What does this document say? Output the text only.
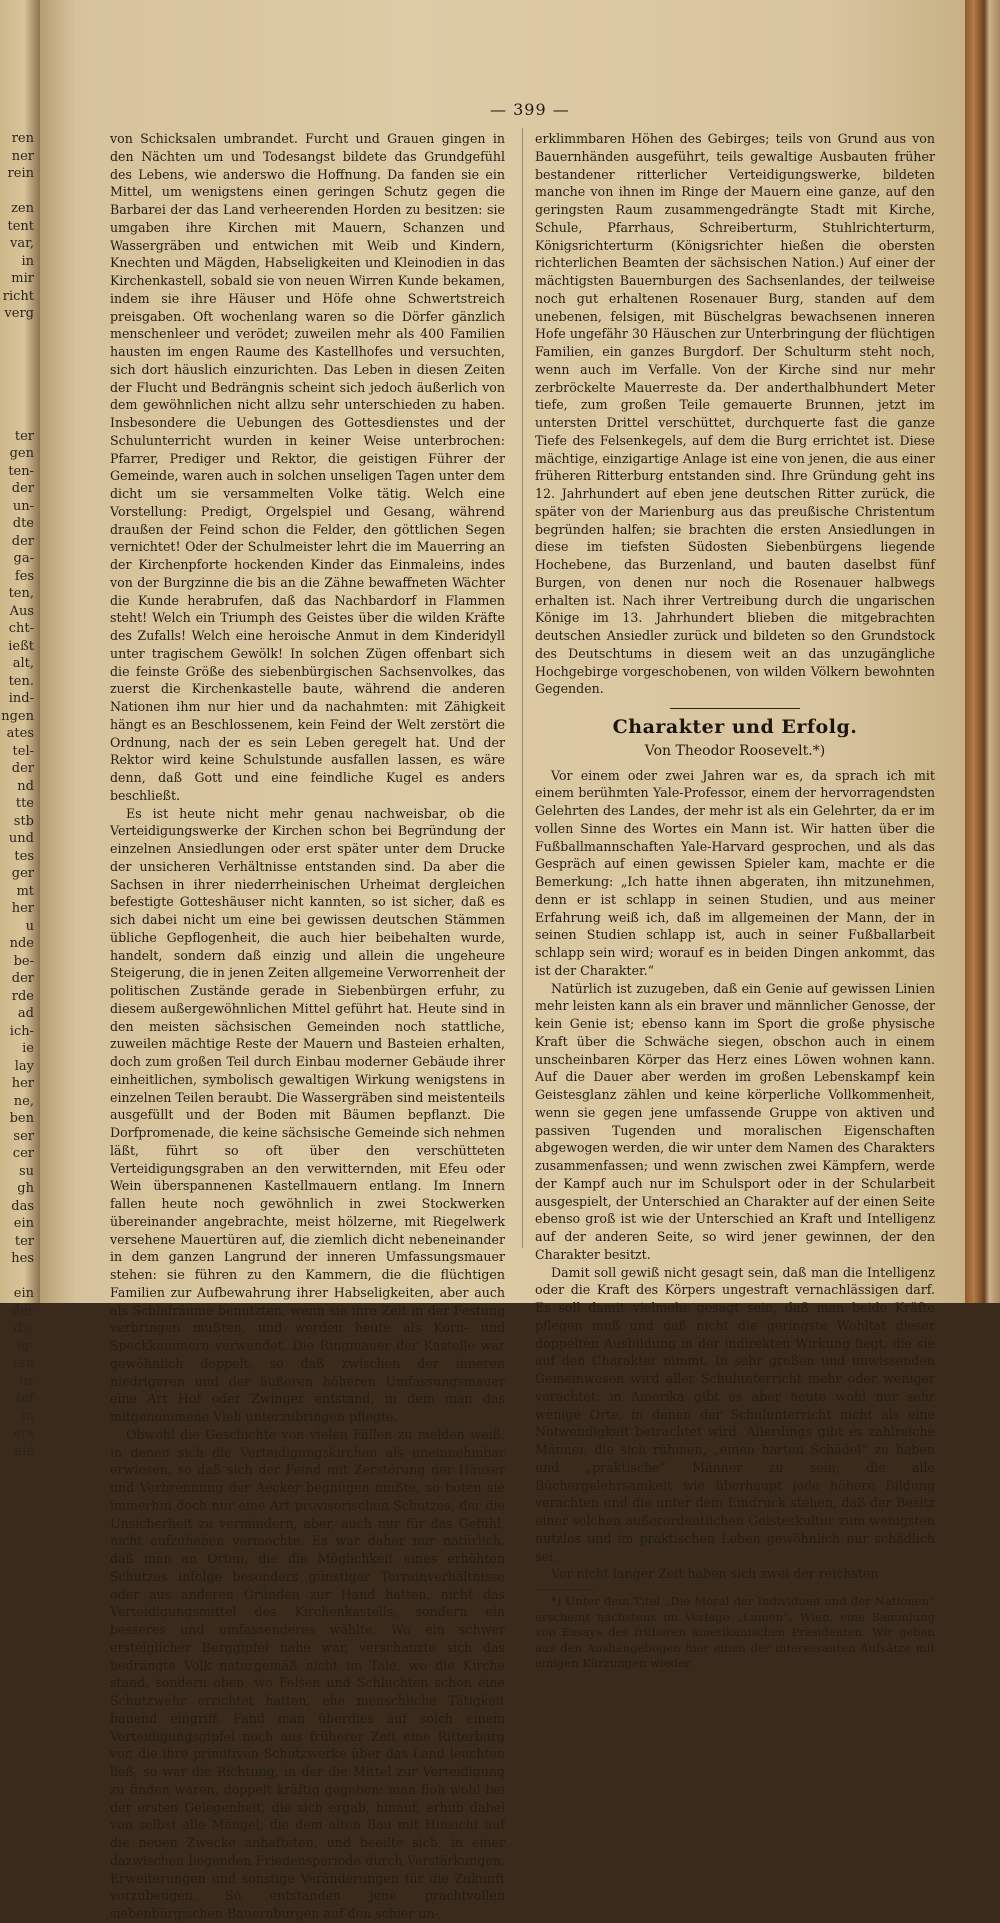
ren
ner
rein
zen
tent
var,
in
mir
richt
verg
ter
gen
ten-
der
un-
dte
der
ga-
fes
ten,
Aus
cht-
ießt
alt,
ten.
ind-
ngen
ates
tel-
der
nd
tte
stb
und
tes
ger
mt
her
u
nde
be-
der
rde
ad
ich-
ie
lay
her
ne,
ben
ser
cer
su
gh
das
ein
ter
hes
ein
der
die
ig-
ten
ur
tef
in
ers
ale
— 399 —

von Schicksalen umbrandet. Furcht und Grauen gingen in den Nächten um und Todesangst bildete das Grundgefühl des Lebens, wie anderswo die Hoffnung. Da fanden sie ein Mittel, um wenigstens einen geringen Schutz gegen die Barbarei der das Land verheerenden Horden zu besitzen: sie umgaben ihre Kirchen mit Mauern, Schanzen und Wassergräben und entwichen mit Weib und Kindern, Knechten und Mägden, Habseligkeiten und Kleinodien in das Kirchenkastell, sobald sie von neuen Wirren Kunde bekamen, indem sie ihre Häuser und Höfe ohne Schwertstreich preisgaben. Oft wochenlang waren so die Dörfer gänzlich menschenleer und verödet; zuweilen mehr als 400 Familien hausten im engen Raume des Kastellhofes und versuchten, sich dort häuslich einzurichten. Das Leben in diesen Zeiten der Flucht und Bedrängnis scheint sich jedoch äußerlich von dem gewöhnlichen nicht allzu sehr unterschieden zu haben. Insbesondere die Uebungen des Gottesdienstes und der Schulunterricht wurden in keiner Weise unterbrochen: Pfarrer, Prediger und Rektor, die geistigen Führer der Gemeinde, waren auch in solchen unseligen Tagen unter dem dicht um sie versammelten Volke tätig. Welch eine Vorstellung: Predigt, Orgelspiel und Gesang, während draußen der Feind schon die Felder, den göttlichen Segen vernichtet! Oder der Schulmeister lehrt die im Mauerring an der Kirchenpforte hockenden Kinder das Einmaleins, indes von der Burgzinne die bis an die Zähne bewaffneten Wächter die Kunde herabrufen, daß das Nachbardorf in Flammen steht! Welch ein Triumph des Geistes über die wilden Kräfte des Zufalls! Welch eine heroische Anmut in dem Kinderidyll unter tragischem Gewölk! In solchen Zügen offenbart sich die feinste Größe des siebenbürgischen Sachsenvolkes, das zuerst die Kirchenkastelle baute, während die anderen Nationen ihm nur hier und da nachahmten: mit Zähigkeit hängt es an Beschlossenem, kein Feind der Welt zerstört die Ordnung, nach der es sein Leben geregelt hat. Und der Rektor wird keine Schulstunde ausfallen lassen, es wäre denn, daß Gott und eine feindliche Kugel es anders beschließt.

Es ist heute nicht mehr genau nachweisbar, ob die Verteidigungswerke der Kirchen schon bei Begründung der einzelnen Ansiedlungen oder erst später unter dem Drucke der unsicheren Verhältnisse entstanden sind. Da aber die Sachsen in ihrer niederrheinischen Urheimat dergleichen befestigte Gotteshäuser nicht kannten, so ist sicher, daß es sich dabei nicht um eine bei gewissen deutschen Stämmen übliche Gepflogenheit, die auch hier beibehalten wurde, handelt, sondern daß einzig und allein die ungeheure Steigerung, die in jenen Zeiten allgemeine Verworrenheit der politischen Zustände gerade in Siebenbürgen erfuhr, zu diesem außergewöhnlichen Mittel geführt hat. Heute sind in den meisten sächsischen Gemeinden noch stattliche, zuweilen mächtige Reste der Mauern und Basteien erhalten, doch zum großen Teil durch Einbau moderner Gebäude ihrer einheitlichen, symbolisch gewaltigen Wirkung wenigstens in einzelnen Teilen beraubt. Die Wassergräben sind meistenteils ausgefüllt und der Boden mit Bäumen bepflanzt. Die Dorfpromenade, die keine sächsische Gemeinde sich nehmen läßt, führt so oft über den verschütteten Verteidigungsgraben an den verwitternden, mit Efeu oder Wein überspannenen Kastellmauern entlang. Im Innern fallen heute noch gewöhnlich in zwei Stockwerken übereinander angebrachte, meist hölzerne, mit Riegelwerk versehene Mauertüren auf, die ziemlich dicht nebeneinander in dem ganzen Langrund der inneren Umfassungsmauer stehen: sie führen zu den Kammern, die die flüchtigen Familien zur Aufbewahrung ihrer Habseligkeiten, aber auch als Schlafräume benutzten, wenn sie ihre Zeit in der Festung verbringen mußten, und werden heute als Korn- und Speckkammern verwendet. Die Ringmauer der Kastelle war gewöhnlich doppelt, so daß zwischen der inneren niedrigeren und der äußeren höheren Umfassungsmauer eine Art Hof oder Zwinger entstand, in dem man das mitgenommene Vieh unterzubringen pflegte.

Obwohl die Geschichte von vielen Fällen zu melden weiß, in denen sich die Verteidigungskirchen als uneinnehmbar erwiesen, so daß sich der Feind mit Zerstörung der Häuser und Verbrennung der Aecker begnügen mußte, so boten sie immerhin doch nur eine Art provisorischen Schutzes, der die Unsicherheit zu vermindern, aber, auch nur für das Gefühl, nicht aufzuheben vermochte. Es war daher nur natürlich, daß man an Orten, die die Möglichkeit eines erhöhten Schutzes infolge besonders günstiger Terrainverhältnisse oder aus anderen Gründen zur Hand hatten, nicht das Verteidigungsmittel des Kirchenkastells, sondern ein besseres und umfassenderes wählte. Wo ein schwer ersteiglicher Berggipfel nahe war, verschanzte sich das bedrängte Volk naturgemäß nicht im Tale, wo die Kirche stand, sondern oben, wo Felsen und Schluchten schon eine Schutzwehr errichtet hatten, ehe menschliche Tätigkeit bauend eingriff. Fand man überdies auf solch einem Verteidigungsgipfel noch aus früherer Zeit eine Ritterburg vor, die ihre primitiven Schutzwerke über das Land leuchten ließ, so war die Richtung, in der die Mittel zur Verteidigung zu finden waren, doppelt kräftig gegeben: man floh wohl bei der ersten Gelegenheit, die sich ergab, hinauf, erhub dabei von selbst alle Mängel, die dem alten Bau mit Hinsicht auf die neuen Zwecke anhafteten, und beeilte sich, in einer dazwischen liegenden Friedensperiode durch Verstärkungen, Erweiterungen und sonstige Veränderungen für die Zukunft vorzubeugen. So entstanden jene prachtvollen siebenbürgischen Bauernburgen auf den schier un-

erklimmbaren Höhen des Gebirges; teils von Grund aus von Bauernhänden ausgeführt, teils gewaltige Ausbauten früher bestandener ritterlicher Verteidigungswerke, bildeten manche von ihnen im Ringe der Mauern eine ganze, auf den geringsten Raum zusammengedrängte Stadt mit Kirche, Schule, Pfarrhaus, Schreiberturm, Stuhlrichterturm, Königsrichterturm (Königsrichter hießen die obersten richterlichen Beamten der sächsischen Nation.) Auf einer der mächtigsten Bauernburgen des Sachsenlandes, der teilweise noch gut erhaltenen Rosenauer Burg, standen auf dem unebenen, felsigen, mit Büschelgras bewachsenen inneren Hofe ungefähr 30 Häuschen zur Unterbringung der flüchtigen Familien, ein ganzes Burgdorf. Der Schulturm steht noch, wenn auch im Verfalle. Von der Kirche sind nur mehr zerbröckelte Mauerreste da. Der anderthalbhundert Meter tiefe, zum großen Teile gemauerte Brunnen, jetzt im untersten Drittel verschüttet, durchquerte fast die ganze Tiefe des Felsenkegels, auf dem die Burg errichtet ist. Diese mächtige, einzigartige Anlage ist eine von jenen, die aus einer früheren Ritterburg entstanden sind. Ihre Gründung geht ins 12. Jahrhundert auf eben jene deutschen Ritter zurück, die später von der Marienburg aus das preußische Christentum begründen halfen; sie brachten die ersten Ansiedlungen in diese im tiefsten Südosten Siebenbürgens liegende Hochebene, das Burzenland, und bauten daselbst fünf Burgen, von denen nur noch die Rosenauer halbwegs erhalten ist. Nach ihrer Vertreibung durch die ungarischen Könige im 13. Jahrhundert blieben die mitgebrachten deutschen Ansiedler zurück und bildeten so den Grundstock des Deutschtums in diesem weit an das unzugängliche Hochgebirge vorgeschobenen, von wilden Völkern bewohnten Gegenden.

Charakter und Erfolg.
Von Theodor Roosevelt.*)

Vor einem oder zwei Jahren war es, da sprach ich mit einem berühmten Yale-Professor, einem der hervorragendsten Gelehrten des Landes, der mehr ist als ein Gelehrter, da er im vollen Sinne des Wortes ein Mann ist. Wir hatten über die Fußballmannschaften Yale-Harvard gesprochen, und als das Gespräch auf einen gewissen Spieler kam, machte er die Bemerkung: „Ich hatte ihnen abgeraten, ihn mitzunehmen, denn er ist schlapp in seinen Studien, und aus meiner Erfahrung weiß ich, daß im allgemeinen der Mann, der in seinen Studien schlapp ist, auch in seiner Fußballarbeit schlapp sein wird; worauf es in beiden Dingen ankommt, das ist der Charakter.“

Natürlich ist zuzugeben, daß ein Genie auf gewissen Linien mehr leisten kann als ein braver und männlicher Genosse, der kein Genie ist; ebenso kann im Sport die große physische Kraft über die Schwäche siegen, obschon auch in einem unscheinbaren Körper das Herz eines Löwen wohnen kann. Auf die Dauer aber werden im großen Lebenskampf kein Geistesglanz zählen und keine körperliche Vollkommenheit, wenn sie gegen jene umfassende Gruppe von aktiven und passiven Tugenden und moralischen Eigenschaften abgewogen werden, die wir unter dem Namen des Charakters zusammenfassen; und wenn zwischen zwei Kämpfern, werde der Kampf auch nur im Schulsport oder in der Schularbeit ausgespielt, der Unterschied an Charakter auf der einen Seite ebenso groß ist wie der Unterschied an Kraft und Intelligenz auf der anderen Seite, so wird jener gewinnen, der den Charakter besitzt.

Damit soll gewiß nicht gesagt sein, daß man die Intelligenz oder die Kraft des Körpers ungestraft vernachlässigen darf. Es soll damit vielmehr gesagt sein, daß man beide Kräfte pflegen muß und daß nicht die geringste Wohltat dieser doppelten Ausbildung in der indirekten Wirkung liegt, die sie auf den Charakter nimmt. In sehr großen und unwissenden Gemeinwesen wird aller Schulunterricht mehr oder weniger verachtet; in Amerika gibt es aber heute wohl nur sehr wenige Orte, in denen der Schulunterricht nicht als eine Notwendigkeit betrachtet wird. Allerdings gibt es zahlreiche Männer, die sich rühmen, „einen harten Schädel“ zu haben und „praktische“ Männer zu sein, die alle Büchergelehrsamkeit wie überhaupt jede höhere Bildung verachten und die unter dem Eindruck stehen, daß der Besitz einer solchen außerordentlichen Geisteskultur zum wenigsten nutzlos und im praktischen Leben gewöhnlich nur schädlich sei.

Vor nicht langer Zeit haben sich zwei der reichsten

*) Unter dem Titel „Die Moral der Individuen und der Nationen“ erscheint nächstens im Verlage „Lumen“, Wien, eine Sammlung von Essays des früheren amerikanischen Präsidenten. Wir geben aus den Aushängebogen hier einen der interessanten Aufsätze mit einigen Kürzungen wieder.
